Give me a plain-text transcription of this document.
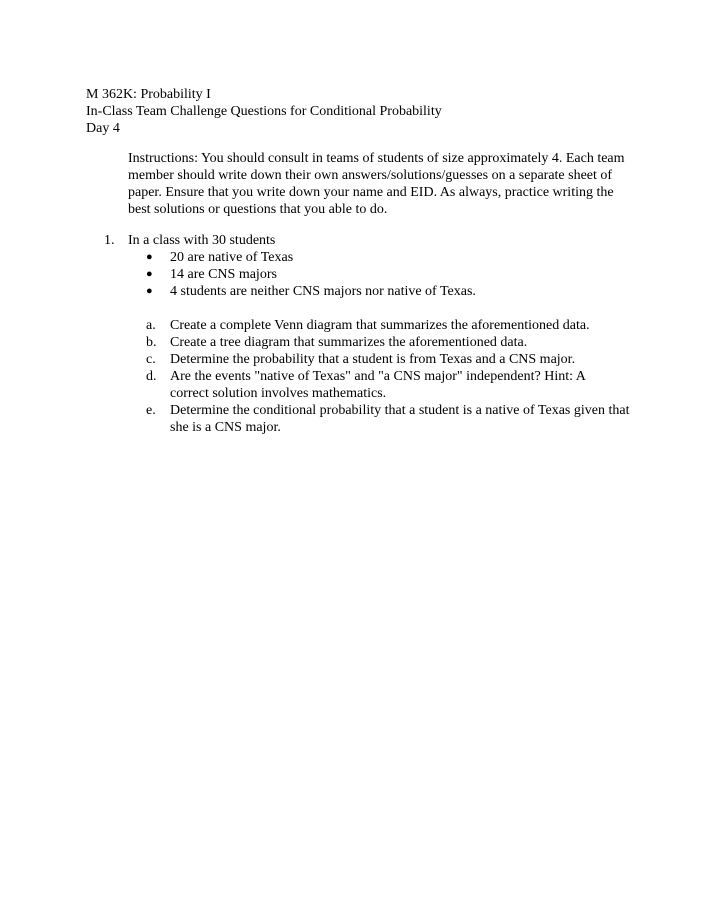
M 362K: Probability I
In-Class Team Challenge Questions for Conditional Probability
Day 4
Instructions: You should consult in teams of students of size approximately 4. Each team
member should write down their own answers/solutions/guesses on a separate sheet of
paper. Ensure that you write down your name and EID. As always, practice writing the
best solutions or questions that you able to do.
1. In a class with 30 students
● 20 are native of Texas
● 14 are CNS majors
● 4 students are neither CNS majors nor native of Texas.
a.	Create a complete Venn diagram that summarizes the aforementioned data.
b. Create a tree diagram that summarizes the aforementioned data.
c.	Determine the probability that a student is from Texas and a CNS major.
d. Are the events "native of Texas" and "a CNS major" independent? Hint: A
correct solution involves mathematics.
e.	Determine the conditional probability that a student is a native of Texas given that
she is a CNS major.
